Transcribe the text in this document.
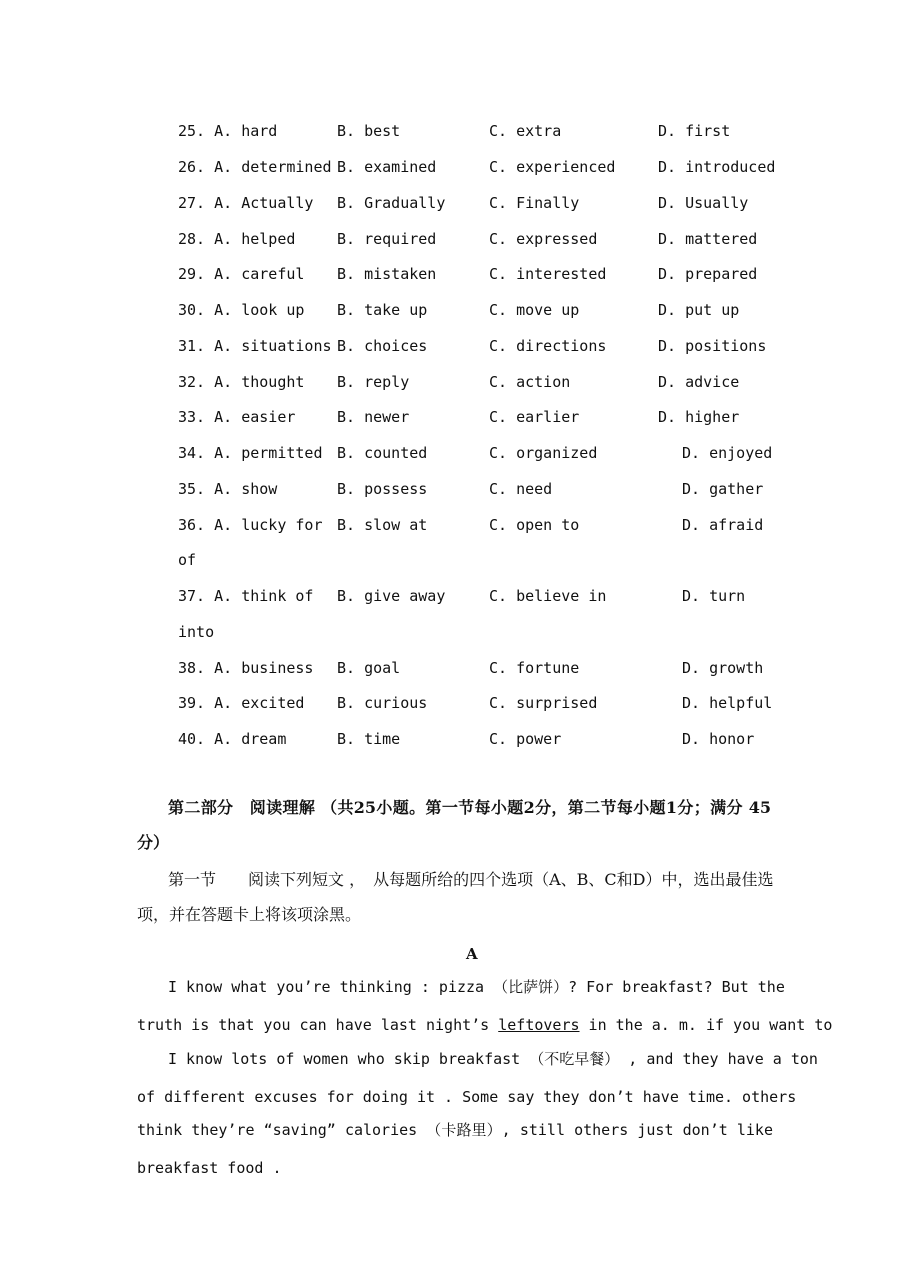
25. A. hard	B. best	C. extra	D. first
26. A. determined B. examined	C. experienced	D. introduced
27. A. Actually B. Gradually	C. Finally	D. Usually
28. A. helped	B. required	C. expressed	D. mattered
29. A. careful B. mistaken	C. interested	D. prepared
30. A. look up B. take up	C. move up	D. put up
31. A. situations B. choices	C. directions	D. positions
32. A. thought B. reply	C. action	D. advice
33. A. easier	B. newer	C. earlier	D. higher
34. A. permitted B. counted	C. organized	D. enjoyed
35. A. show	B. possess	C. need	D. gather
36. A. lucky for B. slow at	C. open to	D. afraid
of
37. A. think of B. give away	C. believe in	D. turn
into
38. A. business B. goal	C. fortune	D. growth
39. A. excited B. curious	C. surprised	D. helpful
40. A. dream	B. time	C. power	D. honor
第二部分　阅读理解 （共25小题。第一节每小题2分，第二节每小题1分；满分 45
分）
第一节　　阅读下列短文 ，　从每题所给的四个选项（A、B、C和D）中，选出最佳选
项，并在答题卡上将该项涂黑。
A
I know what you’re thinking : pizza （比萨饼）? For breakfast? But the
truth is that you can have last night’s leftovers in the a. m. if you want to
I know lots of women who skip breakfast （不吃早餐） , and they have a ton
of different excuses for doing it . Some say they don’t have time. others
think they’re “saving” calories （卡路里）, still others just don’t like
breakfast food .
